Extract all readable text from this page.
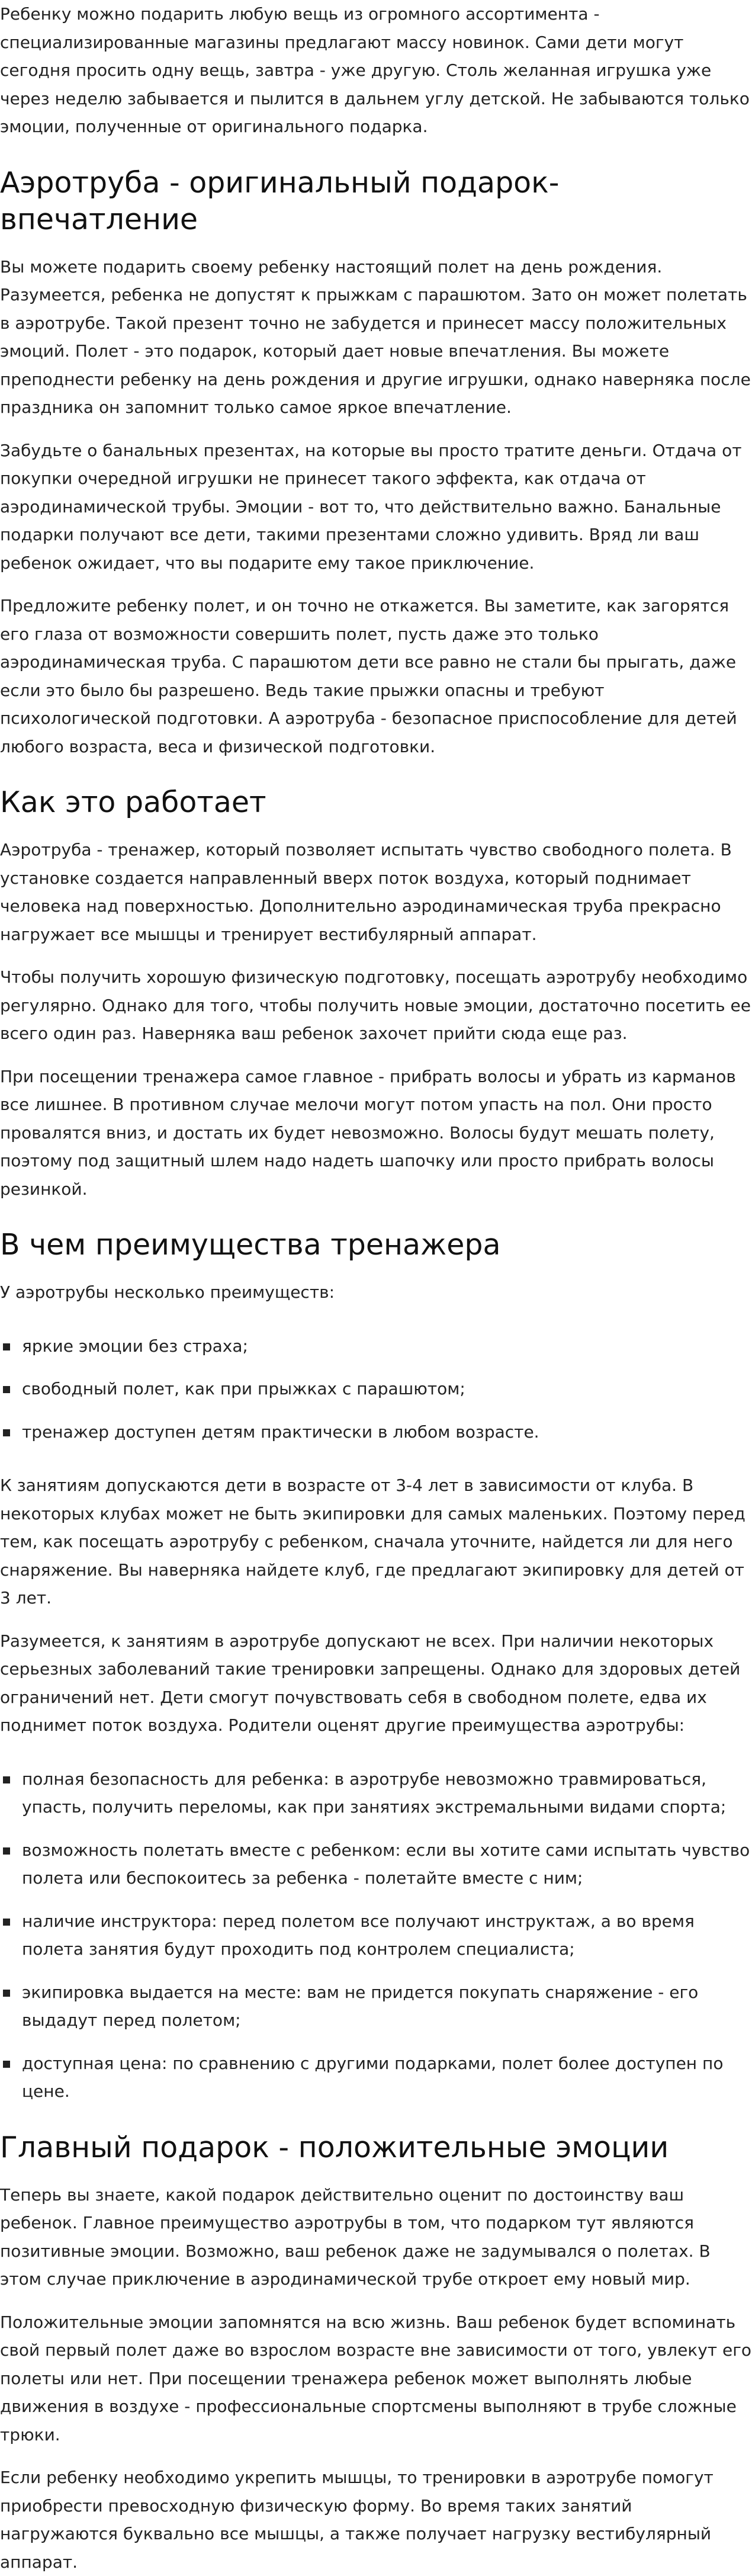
Ребенку можно подарить любую вещь из огромного ассортимента - специализированные магазины предлагают массу новинок. Сами дети могут сегодня просить одну вещь, завтра - уже другую. Столь желанная игрушка уже через неделю забывается и пылится в дальнем углу детской. Не забываются только эмоции, полученные от оригинального подарка.

Аэротруба - оригинальный подарок-впечатление

Вы можете подарить своему ребенку настоящий полет на день рождения. Разумеется, ребенка не допустят к прыжкам с парашютом. Зато он может полетать в аэротрубе. Такой презент точно не забудется и принесет массу положительных эмоций. Полет - это подарок, который дает новые впечатления. Вы можете преподнести ребенку на день рождения и другие игрушки, однако наверняка после праздника он запомнит только самое яркое впечатление.

Забудьте о банальных презентах, на которые вы просто тратите деньги. Отдача от покупки очередной игрушки не принесет такого эффекта, как отдача от аэродинамической трубы. Эмоции - вот то, что действительно важно. Банальные подарки получают все дети, такими презентами сложно удивить. Вряд ли ваш ребенок ожидает, что вы подарите ему такое приключение.

Предложите ребенку полет, и он точно не откажется. Вы заметите, как загорятся его глаза от возможности совершить полет, пусть даже это только аэродинамическая труба. С парашютом дети все равно не стали бы прыгать, даже если это было бы разрешено. Ведь такие прыжки опасны и требуют психологической подготовки. А аэротруба - безопасное приспособление для детей любого возраста, веса и физической подготовки.

Как это работает

Аэротруба - тренажер, который позволяет испытать чувство свободного полета. В установке создается направленный вверх поток воздуха, который поднимает человека над поверхностью. Дополнительно аэродинамическая труба прекрасно нагружает все мышцы и тренирует вестибулярный аппарат.

Чтобы получить хорошую физическую подготовку, посещать аэротрубу необходимо регулярно. Однако для того, чтобы получить новые эмоции, достаточно посетить ее всего один раз. Наверняка ваш ребенок захочет прийти сюда еще раз.

При посещении тренажера самое главное - прибрать волосы и убрать из карманов все лишнее. В противном случае мелочи могут потом упасть на пол. Они просто провалятся вниз, и достать их будет невозможно. Волосы будут мешать полету, поэтому под защитный шлем надо надеть шапочку или просто прибрать волосы резинкой.

В чем преимущества тренажера

У аэротрубы несколько преимуществ:

яркие эмоции без страха;
свободный полет, как при прыжках с парашютом;
тренажер доступен детям практически в любом возрасте.

К занятиям допускаются дети в возрасте от 3-4 лет в зависимости от клуба. В некоторых клубах может не быть экипировки для самых маленьких. Поэтому перед тем, как посещать аэротрубу с ребенком, сначала уточните, найдется ли для него снаряжение. Вы наверняка найдете клуб, где предлагают экипировку для детей от 3 лет.

Разумеется, к занятиям в аэротрубе допускают не всех. При наличии некоторых серьезных заболеваний такие тренировки запрещены. Однако для здоровых детей ограничений нет. Дети смогут почувствовать себя в свободном полете, едва их поднимет поток воздуха. Родители оценят другие преимущества аэротрубы:

полная безопасность для ребенка: в аэротрубе невозможно травмироваться, упасть, получить переломы, как при занятиях экстремальными видами спорта;
возможность полетать вместе с ребенком: если вы хотите сами испытать чувство полета или беспокоитесь за ребенка - полетайте вместе с ним;
наличие инструктора: перед полетом все получают инструктаж, а во время полета занятия будут проходить под контролем специалиста;
экипировка выдается на месте: вам не придется покупать снаряжение - его выдадут перед полетом;
доступная цена: по сравнению с другими подарками, полет более доступен по цене.
Главный подарок - положительные эмоции

Теперь вы знаете, какой подарок действительно оценит по достоинству ваш ребенок. Главное преимущество аэротрубы в том, что подарком тут являются позитивные эмоции. Возможно, ваш ребенок даже не задумывался о полетах. В этом случае приключение в аэродинамической трубе откроет ему новый мир.

Положительные эмоции запомнятся на всю жизнь. Ваш ребенок будет вспоминать свой первый полет даже во взрослом возрасте вне зависимости от того, увлекут его полеты или нет. При посещении тренажера ребенок может выполнять любые движения в воздухе - профессиональные спортсмены выполняют в трубе сложные трюки.

Если ребенку необходимо укрепить мышцы, то тренировки в аэротрубе помогут приобрести превосходную физическую форму. Во время таких занятий нагружаются буквально все мышцы, а также получает нагрузку вестибулярный аппарат.
